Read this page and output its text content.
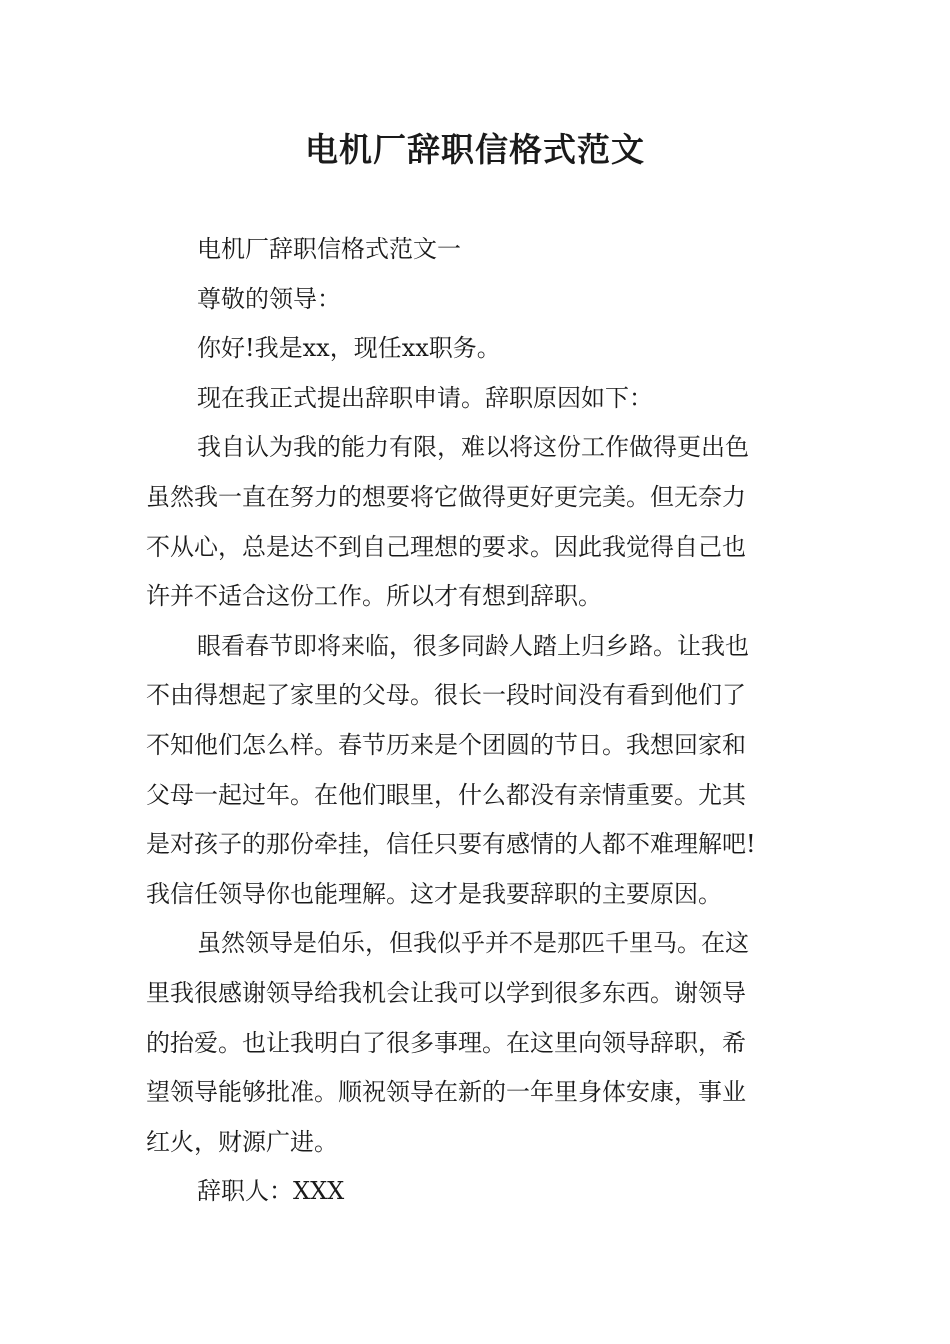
电机厂辞职信格式范文

电机厂辞职信格式范文一

尊敬的领导：

你好!我是xx，现任xx职务。

现在我正式提出辞职申请。辞职原因如下：

我自认为我的能力有限，难以将这份工作做得更出色

虽然我一直在努力的想要将它做得更好更完美。但无奈力

不从心，总是达不到自己理想的要求。因此我觉得自己也

许并不适合这份工作。所以才有想到辞职。

眼看春节即将来临，很多同龄人踏上归乡路。让我也

不由得想起了家里的父母。很长一段时间没有看到他们了

不知他们怎么样。春节历来是个团圆的节日。我想回家和

父母一起过年。在他们眼里，什么都没有亲情重要。尤其

是对孩子的那份牵挂，信任只要有感情的人都不难理解吧!

我信任领导你也能理解。这才是我要辞职的主要原因。

虽然领导是伯乐，但我似乎并不是那匹千里马。在这

里我很感谢领导给我机会让我可以学到很多东西。谢领导

的抬爱。也让我明白了很多事理。在这里向领导辞职，希

望领导能够批准。顺祝领导在新的一年里身体安康，事业

红火，财源广进。

辞职人：XXX
